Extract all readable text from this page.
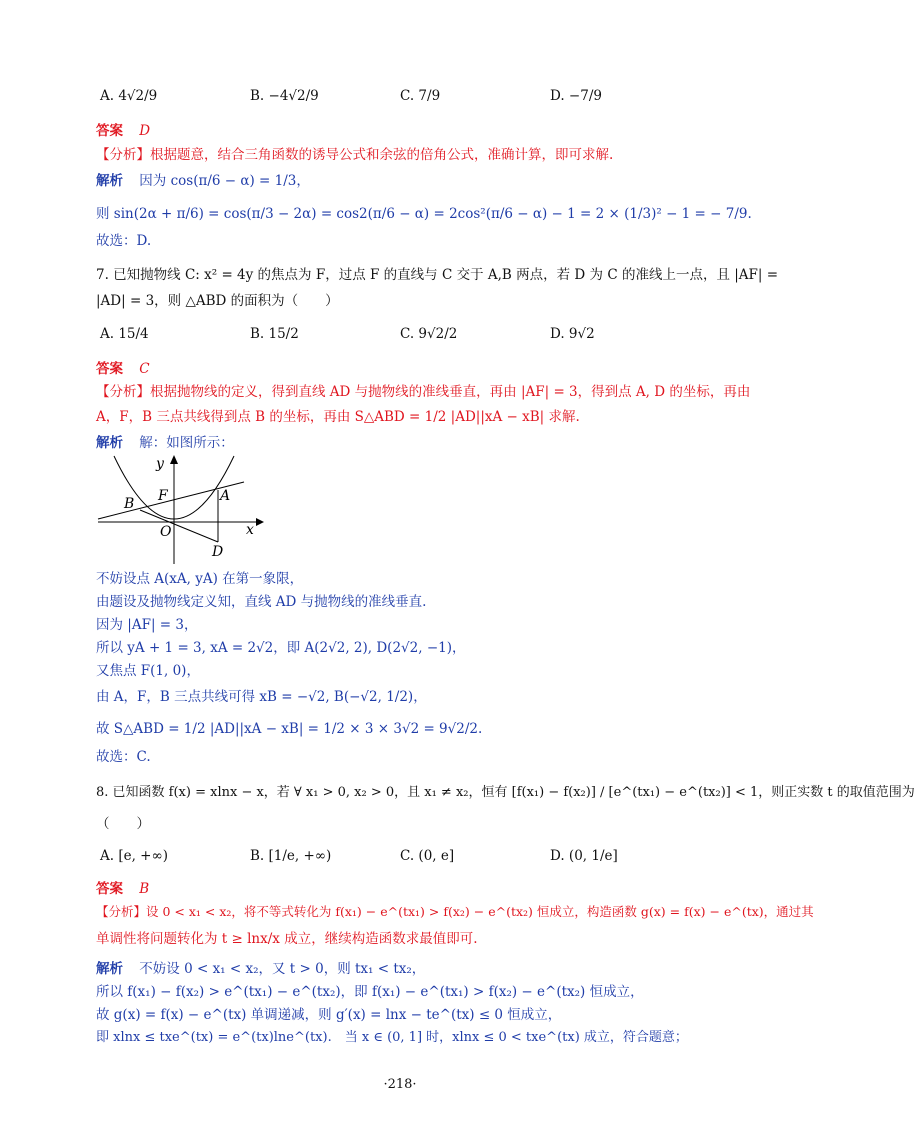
A. 4√2/9	B. −4√2/9	C. 7/9	D. −7/9
答案 D
【分析】根据题意，结合三角函数的诱导公式和余弦的倍角公式，准确计算，即可求解.
解析 因为 cos(π/6 − α) = 1/3，
则 sin(2α + π/6) = cos(π/3 − 2α) = cos2(π/6 − α) = 2cos²(π/6 − α) − 1 = 2 × (1/3)² − 1 = − 7/9.
故选：D.
7. 已知抛物线 C: x² = 4y 的焦点为 F，过点 F 的直线与 C 交于 A,B 两点，若 D 为 C 的准线上一点，且 |AF| =
|AD| = 3，则 △ABD 的面积为（　　）
A. 15/4	B. 15/2	C. 9√2/2	D. 9√2
答案 C
【分析】根据抛物线的定义，得到直线 AD 与抛物线的准线垂直，再由 |AF| = 3，得到点 A, D 的坐标，再由
A，F，B 三点共线得到点 B 的坐标，再由 S△ABD = 1/2 |AD||xA − xB| 求解.
解析 解：如图所示：
y
x
B F	A
O
D
不妨设点 A(xA, yA) 在第一象限，
由题设及抛物线定义知，直线 AD 与抛物线的准线垂直.
因为 |AF| = 3，
所以 yA + 1 = 3, xA = 2√2，即 A(2√2, 2), D(2√2, −1)，
又焦点 F(1, 0)，
由 A，F，B 三点共线可得 xB = −√2, B(−√2, 1/2)，
故 S△ABD = 1/2 |AD||xA − xB| = 1/2 × 3 × 3√2 = 9√2/2.
故选：C.
8. 已知函数 f(x) = xlnx − x，若 ∀ x₁ > 0, x₂ > 0，且 x₁ ≠ x₂，恒有 [f(x₁) − f(x₂)] / [e^(tx₁) − e^(tx₂)] < 1，则正实数 t 的取值范围为
（　　）
A. [e, +∞)	B. [1/e, +∞)	C. (0, e]	D. (0, 1/e]
答案 B
【分析】设 0 < x₁ < x₂，将不等式转化为 f(x₁) − e^(tx₁) > f(x₂) − e^(tx₂) 恒成立，构造函数 g(x) = f(x) − e^(tx)，通过其
单调性将问题转化为 t ≥ lnx/x 成立，继续构造函数求最值即可.
解析 不妨设 0 < x₁ < x₂，又 t > 0，则 tx₁ < tx₂，
所以 f(x₁) − f(x₂) > e^(tx₁) − e^(tx₂)，即 f(x₁) − e^(tx₁) > f(x₂) − e^(tx₂) 恒成立，
故 g(x) = f(x) − e^(tx) 单调递减，则 g′(x) = lnx − te^(tx) ≤ 0 恒成立，
即 xlnx ≤ txe^(tx) = e^(tx)lne^(tx).　当 x ∈ (0, 1] 时，xlnx ≤ 0 < txe^(tx) 成立，符合题意；
·218·
